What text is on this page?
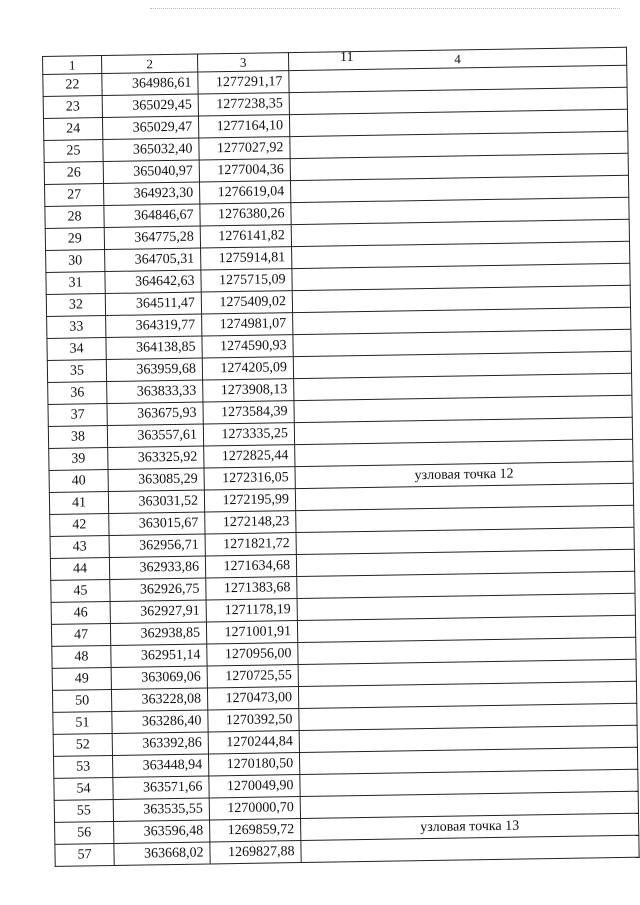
11
1	2	3	4
22	364986,61	1277291,17	
23	365029,45	1277238,35	
24	365029,47	1277164,10	
25	365032,40	1277027,92	
26	365040,97	1277004,36	
27	364923,30	1276619,04	
28	364846,67	1276380,26	
29	364775,28	1276141,82	
30	364705,31	1275914,81	
31	364642,63	1275715,09	
32	364511,47	1275409,02	
33	364319,77	1274981,07	
34	364138,85	1274590,93	
35	363959,68	1274205,09	
36	363833,33	1273908,13	
37	363675,93	1273584,39	
38	363557,61	1273335,25	
39	363325,92	1272825,44	
40	363085,29	1272316,05	узловая точка 12
41	363031,52	1272195,99	
42	363015,67	1272148,23	
43	362956,71	1271821,72	
44	362933,86	1271634,68	
45	362926,75	1271383,68	
46	362927,91	1271178,19	
47	362938,85	1271001,91	
48	362951,14	1270956,00	
49	363069,06	1270725,55	
50	363228,08	1270473,00	
51	363286,40	1270392,50	
52	363392,86	1270244,84	
53	363448,94	1270180,50	
54	363571,66	1270049,90	
55	363535,55	1270000,70	
56	363596,48	1269859,72	узловая точка 13
57	363668,02	1269827,88	
